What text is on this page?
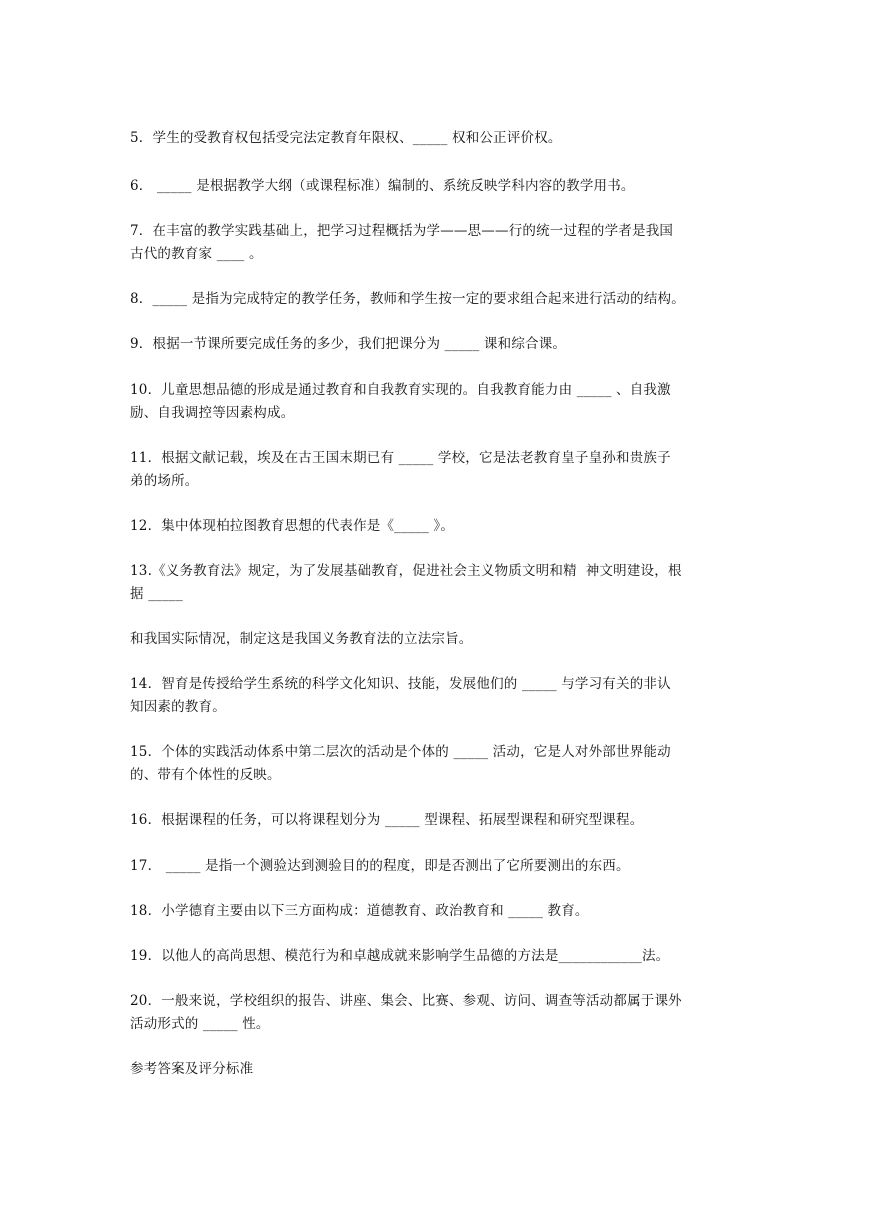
5．学生的受教育权包括受完法定教育年限权、_____ 权和公正评价权。
6． _____ 是根据教学大纲（或课程标准）编制的、系统反映学科内容的教学用书。
7．在丰富的教学实践基础上，把学习过程概括为学——思——行的统一过程的学者是我国
古代的教育家 ____ 。
8．_____ 是指为完成特定的教学任务，教师和学生按一定的要求组合起来进行活动的结构。
9．根据一节课所要完成任务的多少，我们把课分为 _____ 课和综合课。
10．儿童思想品德的形成是通过教育和自我教育实现的。自我教育能力由 _____ 、自我激
励、自我调控等因素构成。
11．根据文献记载，埃及在古王国末期已有 _____ 学校，它是法老教育皇子皇孙和贵族子
弟的场所。
12．集中体现柏拉图教育思想的代表作是《_____ 》。
13.《义务教育法》规定，为了发展基础教育，促进社会主义物质文明和精  神文明建设，根
据 _____
和我国实际情况，制定这是我国义务教育法的立法宗旨。
14．智育是传授给学生系统的科学文化知识、技能，发展他们的 _____ 与学习有关的非认
知因素的教育。
15．个体的实践活动体系中第二层次的活动是个体的 _____ 活动，它是人对外部世界能动
的、带有个体性的反映。
16．根据课程的任务，可以将课程划分为 _____ 型课程、拓展型课程和研究型课程。
17． _____ 是指一个测验达到测验目的的程度，即是否测出了它所要测出的东西。
18．小学德育主要由以下三方面构成：道德教育、政治教育和 _____ 教育。
19．以他人的高尚思想、模范行为和卓越成就来影响学生品德的方法是____________法。
20．一般来说，学校组织的报告、讲座、集会、比赛、参观、访问、调查等活动都属于课外
活动形式的 _____ 性。
参考答案及评分标准
